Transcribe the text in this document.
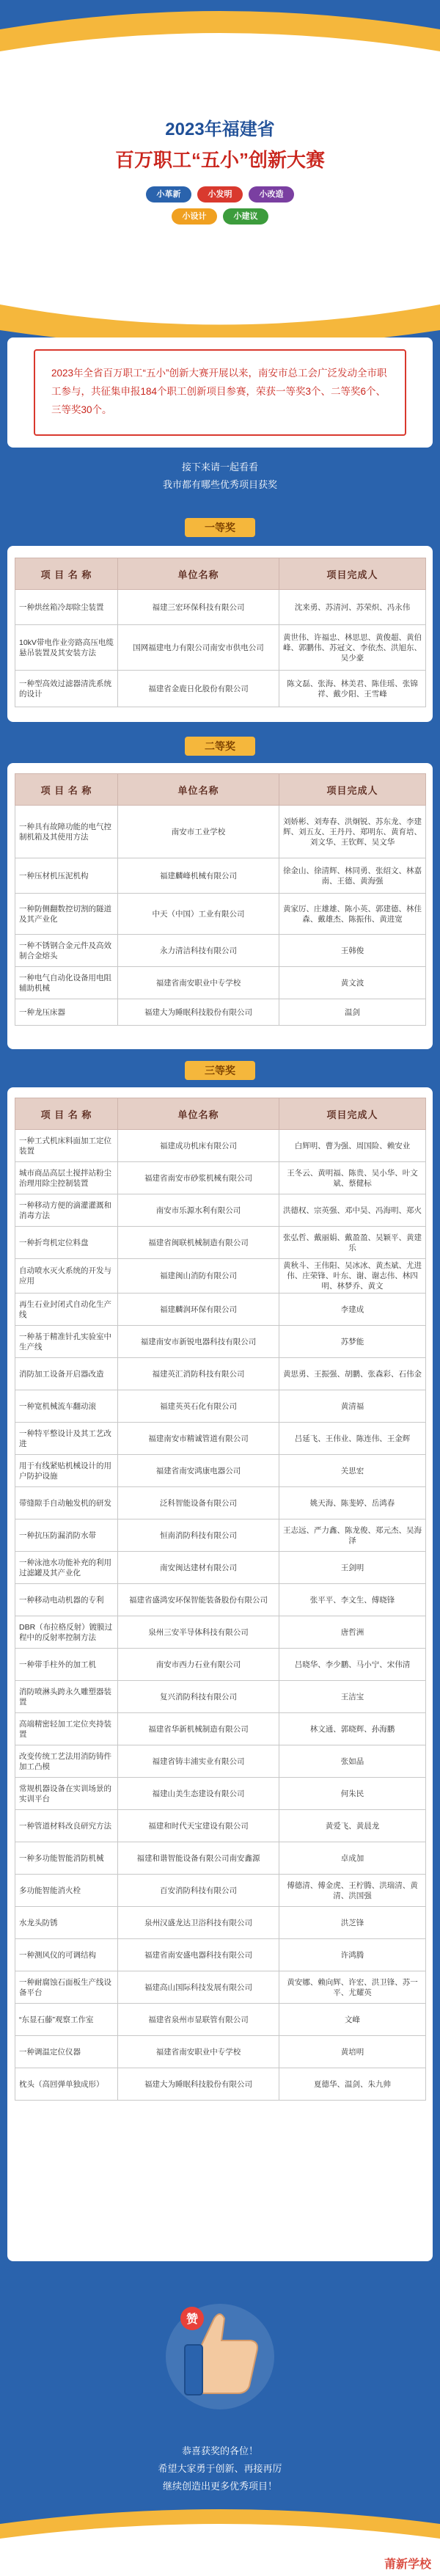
2023年福建省
百万职工“五小”创新大赛
小革新	小发明	小改造
小设计	小建议
2023年全省百万职工“五小”创新大赛开展以来，南安市总工会广泛发动全市职工参与，共征集申报184个职工创新项目参赛，荣获一等奖3个、二等奖6个、三等奖30个。
接下来请一起看看
我市都有哪些优秀项目获奖
一等奖
项 目 名 称	单位名称	项目完成人
一种烘丝箱冷却除尘装置	福建三宏环保科技有限公司	沈来勇、苏清河、苏荣炽、冯永伟
10kV带电作业旁路高压电缆悬吊装置及其安装方法	国网福建电力有限公司南安市供电公司	黄世伟、许福忠、林思思、黄俊超、黄伯峰、郭鹏伟、苏冠文、李依杰、洪旭东、吴少豪
一种型高效过滤器清洗系统的设计	福建省金鹿日化股份有限公司	陈文磊、张海、林美君、陈佳瑶、张锦祥、戴少阳、王雪峰
二等奖
项 目 名 称	单位名称	项目完成人
一种具有故障功能的电气控制机箱及其使用方法	南安市工业学校	刘娇彬、刘寿春、洪炯锐、苏东龙、李建辉、刘五友、王丹丹、郑明东、黄育培、刘文华、王钦辉、吴文华
一种压材机压泥机构	福建麟峰机械有限公司	徐金山、徐清辉、林同勇、张绍文、林嘉南、王德、黄海强
一种防侧翻数控切割的隧道及其产业化	中天（中国）工业有限公司	黄家厉、庄雄雄、陈小英、郭建德、林佳森、戴雄杰、陈振伟、黄进宽
一种不锈钢合金元件及高效制合金熔头	永力清洁科技有限公司	王韩俊
一种电气自动化设备用电阻辅助机械	福建省南安职业中专学校	黄文波
一种龙压床器	福建大为睡眠科技股份有限公司	温剑
三等奖
项 目 名 称	单位名称	项目完成人
一种工式机床料面加工定位装置	福建成功机床有限公司	白辉明、曹为强、周国险、赖安业
城市商品高层土搅拌站粉尘治理用除尘控制装置	福建省南安市砂浆机械有限公司	王冬云、黄明福、陈贵、吴小华、叶文斌、蔡健标
一种移动方便的滴灌灌溉和消毒方法	南安市乐源水利有限公司	洪德权、宗英强、邓中昊、冯海明、郑火
一种折弯机定位料盘	福建省闽联机械制造有限公司	张弘哲、戴丽娟、戴盈盈、吴颖平、黄建乐
自动喷水灭火系统的开发与应用	福建闽山消防有限公司	黄秋斗、王伟阳、吴冰冰、黄杰斌、尤进伟、庄荣锋、叶东、谢、谢志伟、林四明、林梦乔、黄文
再生石业封闭式自动化生产线	福建麟润环保有限公司	李建成
一种基于精准针孔实验室中生产线	福建南安市新锐电器科技有限公司	苏梦能
消防加工设备开启器改造	福建英汇消防科技有限公司	黄思勇、王振强、胡鹏、张森彩、石伟金
一种宽机械流车翻动滚	福建英英石化有限公司	黄清福
一种特平整设计及其工艺改进	福建南安市精诚管道有限公司	吕延飞、王伟业、陈连伟、王金辉
用于有线紧贴机械设计的用户防护设施	福建省南安鸿康电器公司	关思宏
带缝隙手自动触发机的研发	泛科智能设备有限公司	姚天海、陈斐婷、岳鸿春
一种抗压防漏消防水带	恒南消防科技有限公司	王志远、严力鑫、陈龙俊、郑元杰、吴海泽
一种泳池水功能补充的利用过滤罐及其产业化	南安闽达建材有限公司	王剑明
一种移动电动机器的专利	福建省盛鸿安环保智能装备股份有限公司	张平平、李文生、傅晓锋
DBR（布拉格反射）镀膜过程中的反射率控制方法	泉州三安半导体科技有限公司	唐哲洲
一种带手柱外的加工机	南安市西力石业有限公司	吕晓华、李少鹏、马小宁、宋伟清
消防喷淋头跨永久雕塑器装置	复兴消防科技有限公司	王洁宝
高端精密轻加工定位夹持装置	福建省华新机械制造有限公司	林文通、郭晓辉、孙海鹏
改变传统工艺法用消防铸件加工凸模	福建省铸丰浦实业有限公司	张如晶
常规机器设备在实训场景的实训平台	福建山美生态建设有限公司	何朱民
一种管道材料改良研究方法	福建和时代天宝建设有限公司	黄爱飞、黄晨龙
一种多功能智能消防机械	福建和谐智能设备有限公司南安鑫源	卓成加
多功能智能消火栓	百安消防科技有限公司	傅德清、傅金虎、王柠腾、洪瑞清、黄清、洪国强
水龙头防锈	泉州汉盛龙达卫浴科技有限公司	洪芝锋
一种测风仪的可调结构	福建省南安盛电器科技有限公司	许鸿腾
一种耐腐蚀石面板生产线设备平台	福建高山国际科技发展有限公司	黄安娜、赖向辉、许宏、洪卫锋、苏一平、尤耀英
“东显石藤”观察工作室	福建省泉州市显联管有限公司	文峰
一种调温定位仪器	福建省南安职业中专学校	黄培明
枕头（高回弹单独成形）	福建大为睡眠科技股份有限公司	夏德华、温剑、朱九帅
赞
恭喜获奖的各位！
希望大家勇于创新、再接再厉
继续创造出更多优秀项目！
莆新学校
